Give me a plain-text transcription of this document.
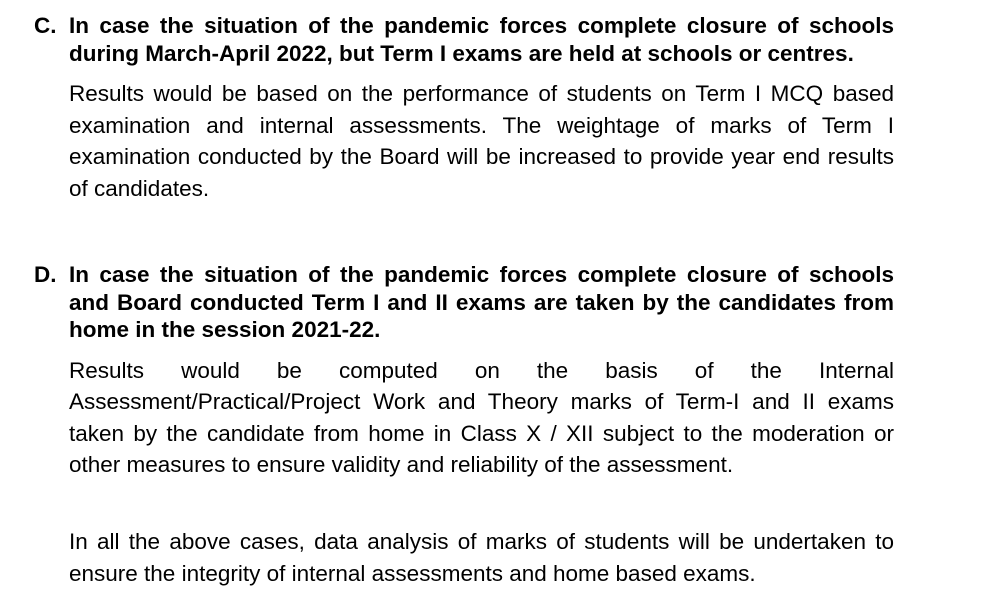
C. In case the situation of the pandemic forces complete closure of schools during March-April 2022, but Term I exams are held at schools or centres.
Results would be based on the performance of students on Term I MCQ based examination and internal assessments. The weightage of marks of Term I examination conducted by the Board will be increased to provide year end results of candidates.
D. In case the situation of the pandemic forces complete closure of schools and Board conducted Term I and II exams are taken by the candidates from home in the session 2021-22.
Results would be computed on the basis of the Internal Assessment/Practical/Project Work and Theory marks of Term-I and II exams taken by the candidate from home in Class X / XII subject to the moderation or other measures to ensure validity and reliability of the assessment.
In all the above cases, data analysis of marks of students will be undertaken to ensure the integrity of internal assessments and home based exams.
